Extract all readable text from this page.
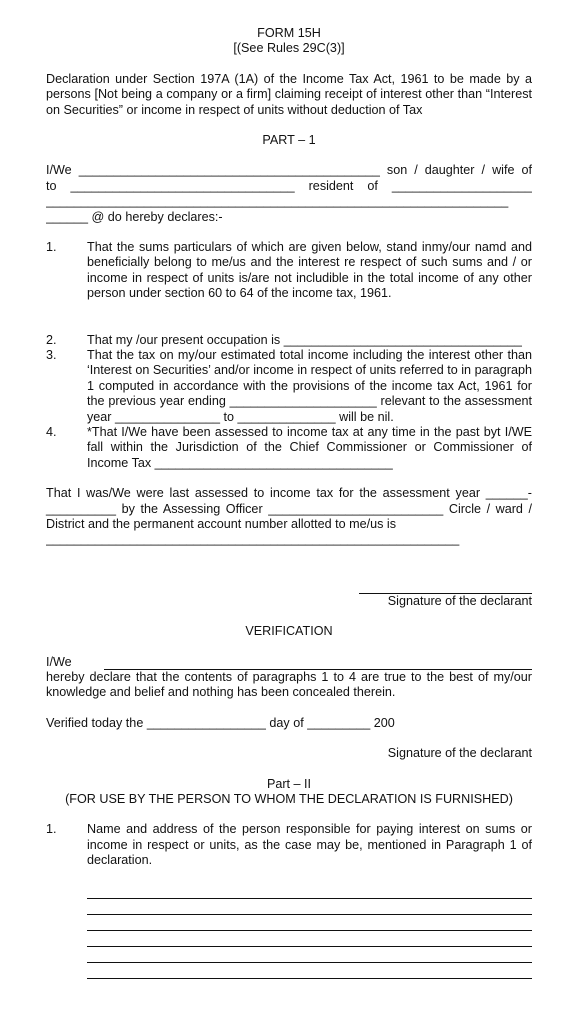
FORM 15H
[(See Rules 29C(3)]
Declaration under Section 197A (1A) of the Income Tax Act, 1961 to be made by a persons [Not being a company or a firm] claiming receipt of interest other than “Interest on Securities” or income in respect of units without deduction of Tax
PART – 1
I/We ___________________________________________ son / daughter / wife of
to ________________________________ resident of ____________________
__________________________________________________________________
______ @ do hereby declares:-
1. That the sums particulars of which are given below, stand inmy/our namd and beneficially belong to me/us and the interest re respect of such sums and / or income in respect of units is/are not includible in the total income of any other person under section 60 to 64 of the income tax, 1961.
2. That my /our present occupation is __________________________________
3. That the tax on my/our estimated total income including the interest other than ‘Interest on Securities’ and/or income in respect of units referred to in paragraph 1 computed in accordance with the provisions of the income tax Act, 1961 for the previous year ending _____________________ relevant to the assessment year _______________ to ______________ will be nil.
4. *That I/We have been assessed to income tax at any time in the past byt I/WE fall within the Jurisdiction of the Chief Commissioner or Commissioner of Income Tax __________________________________
That I was/We were last assessed to income tax for the assessment year ______- __________ by the Assessing Officer _________________________ Circle / ward / District and the permanent account number allotted to me/us is
___________________________________________________________
Signature of the declarant
VERIFICATION
I/We
hereby declare that the contents of paragraphs 1 to 4 are true to the best of my/our knowledge and belief and nothing has been concealed therein.
Verified today the _________________ day of _________ 200
Signature of the declarant
Part – II
(FOR USE BY THE PERSON TO WHOM THE DECLARATION IS FURNISHED)
1. Name and address of the person responsible for paying interest on sums or income in respect or units, as the case may be, mentioned in Paragraph 1 of declaration.
